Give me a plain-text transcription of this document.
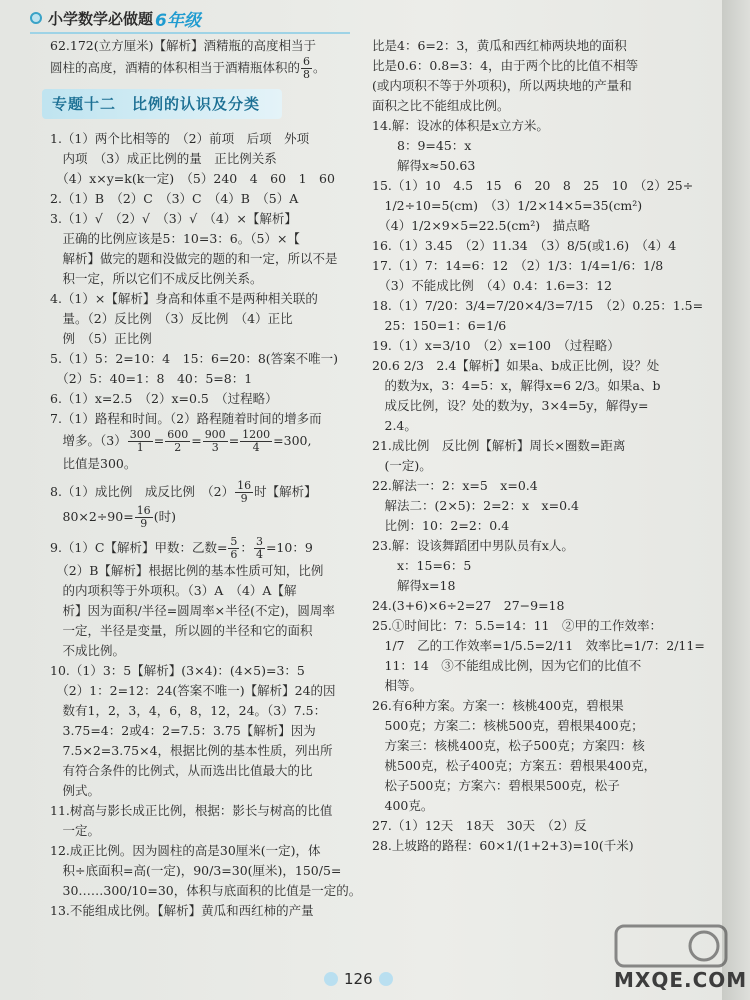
小学数学必做题 6年级
62.172(立方厘米)【解析】酒精瓶的高度相当于
圆柱的高度，酒精的体积相当于酒精瓶体积的 $\frac{6}{8}$ 。
专题十二　比例的认识及分类
1.（1）两个比相等的　（2）前项　后项　外项
　内项　（3）成正比例的量　正比例关系
　（4）x×y=k(k一定)　（5）240　4　60　1　60
2.（1）B　（2）C　（3）C　（4）B　（5）A
3.（1）√　（2）√　（3）√　（4）×【解析】
　正确的比例应该是5：10=3：6。（5）×【
　解析】做完的题和没做完的题的和一定，所以不是
　积一定，所以它们不成反比例关系。
4.（1）×【解析】身高和体重不是两种相关联的
　量。（2）反比例　（3）反比例　（4）正比
　例　（5）正比例
5.（1）5：2=10：4　15：6=20：8(答案不唯一)
　（2）5：40=1：8　40：5=8：1
6.（1）x=2.5　（2）x=0.5　（过程略）
7.（1）路程和时间。（2）路程随着时间的增多而
　增多。$(3) \frac{300}{1} = \frac{600}{2} = \frac{900}{3} = \frac{1200}{4} =300$,
　比值是300。
8.（1）成比例　成反比例　$(2) \frac{16}{9}$ 时【解析】
　$80\times 2\div 90= \frac{16}{9}$ (时)
9.（1）C【解析】甲数：乙数= $\frac{5}{6}$ ： $\frac{3}{4} =10$：9
　（2）B【解析】根据比例的基本性质可知，比例
　的内项积等于外项积。（3）A　（4）A【解
　析】因为面积/半径=圆周率×半径(不定)，圆周率
　一定，半径是变量，所以圆的半径和它的面积
　不成比例。
10.（1）3：5【解析】(3×4)：(4×5)=3：5
　（2）1：2=12：24(答案不唯一)【解析】24的因
　数有1，2，3，4，6，8，12，24。（3）7.5：
　3.75=4：2或4：2=7.5：3.75【解析】因为
　7.5×2=3.75×4，根据比例的基本性质，列出所
　有符合条件的比例式，从而选出比值最大的比
　例式。
11.树高与影长成正比例，根据：影长与树高的比值
　一定。
12.成正比例。因为圆柱的高是30厘米(一定)，体
　积÷底面积=高(一定)，90/3=30(厘米)，150/5=
　30……300/10=30，体积与底面积的比值是一定的。
13.不能组成比例。【解析】黄瓜和西红柿的产量
比是4：6=2：3，黄瓜和西红柿两块地的面积
比是0.6：0.8=3：4，由于两个比的比值不相等
(或内项积不等于外项积)，所以两块地的产量和
面积之比不能组成比例。
14.解：设冰的体积是x立方米。
　　8：9=45：x
　　解得x≈50.63
15.（1）10　4.5　15　6　20　8　25　10　（2）25÷
　1/2÷10=5(cm)　（3）1/2×14×5=35(cm²)
　（4）1/2×9×5=22.5(cm²)　描点略
16.（1）3.45　（2）11.34　（3）8/5(或1.6)　（4）4
17.（1）7：14=6：12　（2）1/3：1/4=1/6：1/8
　（3）不能成比例　（4）0.4：1.6=3：12
18.（1）7/20：3/4=7/20×4/3=7/15　（2）0.25：1.5=
　25：150=1：6=1/6
19.（1）x=3/10　（2）x=100　（过程略）
20.6 2/3　2.4【解析】如果a、b成正比例，设？处
　的数为x，3：4=5：x，解得x=6 2/3。如果a、b
　成反比例，设？处的数为y，3×4=5y，解得y=
　2.4。
21.成比例　反比例【解析】周长×圈数=距离
　(一定)。
22.解法一：2：x=5　x=0.4
　解法二：(2×5)：2=2：x　x=0.4
　比例：10：2=2：0.4
23.解：设该舞蹈团中男队员有x人。
　　x：15=6：5
　　解得x=18
24.(3+6)×6÷2=27　27−9=18
25.①时间比：7：5.5=14：11　②甲的工作效率：
　1/7　乙的工作效率=1/5.5=2/11　效率比=1/7：2/11=
　11：14　③不能组成比例，因为它们的比值不
　相等。
26.有6种方案。方案一：核桃400克，碧根果
　500克；方案二：核桃500克，碧根果400克；
　方案三：核桃400克，松子500克；方案四：核
　桃500克，松子400克；方案五：碧根果400克，
　松子500克；方案六：碧根果500克，松子
　400克。
27.（1）12天　18天　30天　（2）反
28.上坡路的路程：60×1/(1+2+3)=10(千米)
126	MXQE.COM
